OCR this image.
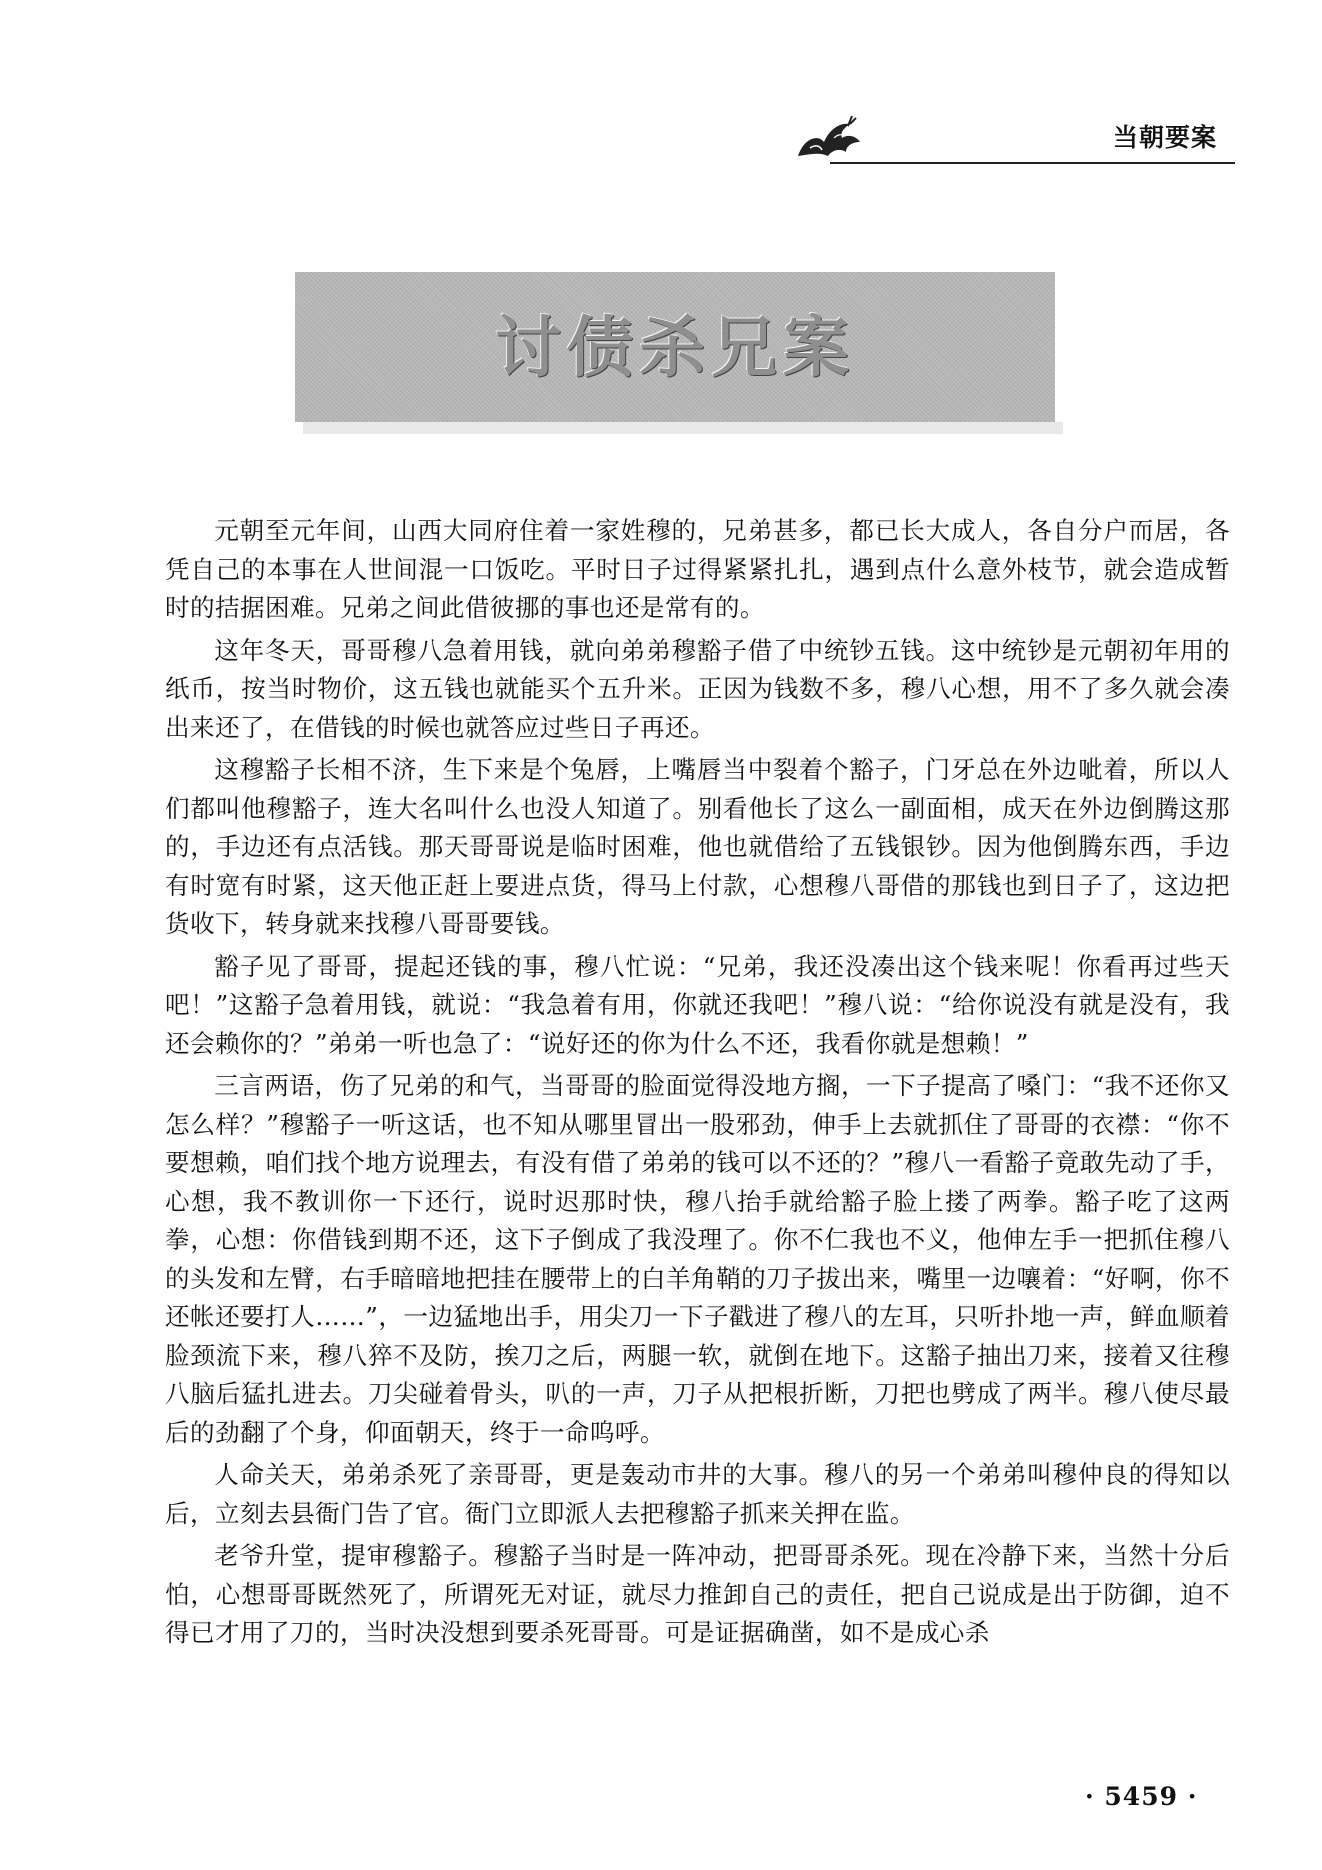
当朝要案
讨债杀兄案

元朝至元年间，山西大同府住着一家姓穆的，兄弟甚多，都已长大成人，各自分户而居，各凭自己的本事在人世间混一口饭吃。平时日子过得紧紧扎扎，遇到点什么意外枝节，就会造成暂时的拮据困难。兄弟之间此借彼挪的事也还是常有的。

这年冬天，哥哥穆八急着用钱，就向弟弟穆豁子借了中统钞五钱。这中统钞是元朝初年用的纸币，按当时物价，这五钱也就能买个五升米。正因为钱数不多，穆八心想，用不了多久就会凑出来还了，在借钱的时候也就答应过些日子再还。

这穆豁子长相不济，生下来是个兔唇，上嘴唇当中裂着个豁子，门牙总在外边呲着，所以人们都叫他穆豁子，连大名叫什么也没人知道了。别看他长了这么一副面相，成天在外边倒腾这那的，手边还有点活钱。那天哥哥说是临时困难，他也就借给了五钱银钞。因为他倒腾东西，手边有时宽有时紧，这天他正赶上要进点货，得马上付款，心想穆八哥借的那钱也到日子了，这边把货收下，转身就来找穆八哥哥要钱。

豁子见了哥哥，提起还钱的事，穆八忙说：“兄弟，我还没凑出这个钱来呢！你看再过些天吧！”这豁子急着用钱，就说：“我急着有用，你就还我吧！”穆八说：“给你说没有就是没有，我还会赖你的？”弟弟一听也急了：“说好还的你为什么不还，我看你就是想赖！”

三言两语，伤了兄弟的和气，当哥哥的脸面觉得没地方搁，一下子提高了嗓门：“我不还你又怎么样？”穆豁子一听这话，也不知从哪里冒出一股邪劲，伸手上去就抓住了哥哥的衣襟：“你不要想赖，咱们找个地方说理去，有没有借了弟弟的钱可以不还的？”穆八一看豁子竟敢先动了手，心想，我不教训你一下还行，说时迟那时快，穆八抬手就给豁子脸上搂了两拳。豁子吃了这两拳，心想：你借钱到期不还，这下子倒成了我没理了。你不仁我也不义，他伸左手一把抓住穆八的头发和左臂，右手暗暗地把挂在腰带上的白羊角鞘的刀子拔出来，嘴里一边嚷着：“好啊，你不还帐还要打人……”，一边猛地出手，用尖刀一下子戳进了穆八的左耳，只听扑地一声，鲜血顺着脸颈流下来，穆八猝不及防，挨刀之后，两腿一软，就倒在地下。这豁子抽出刀来，接着又往穆八脑后猛扎进去。刀尖碰着骨头，叭的一声，刀子从把根折断，刀把也劈成了两半。穆八使尽最后的劲翻了个身，仰面朝天，终于一命呜呼。

人命关天，弟弟杀死了亲哥哥，更是轰动市井的大事。穆八的另一个弟弟叫穆仲良的得知以后，立刻去县衙门告了官。衙门立即派人去把穆豁子抓来关押在监。

老爷升堂，提审穆豁子。穆豁子当时是一阵冲动，把哥哥杀死。现在冷静下来，当然十分后怕，心想哥哥既然死了，所谓死无对证，就尽力推卸自己的责任，把自己说成是出于防御，迫不得已才用了刀的，当时决没想到要杀死哥哥。可是证据确凿，如不是成心杀

· 5459 ·
